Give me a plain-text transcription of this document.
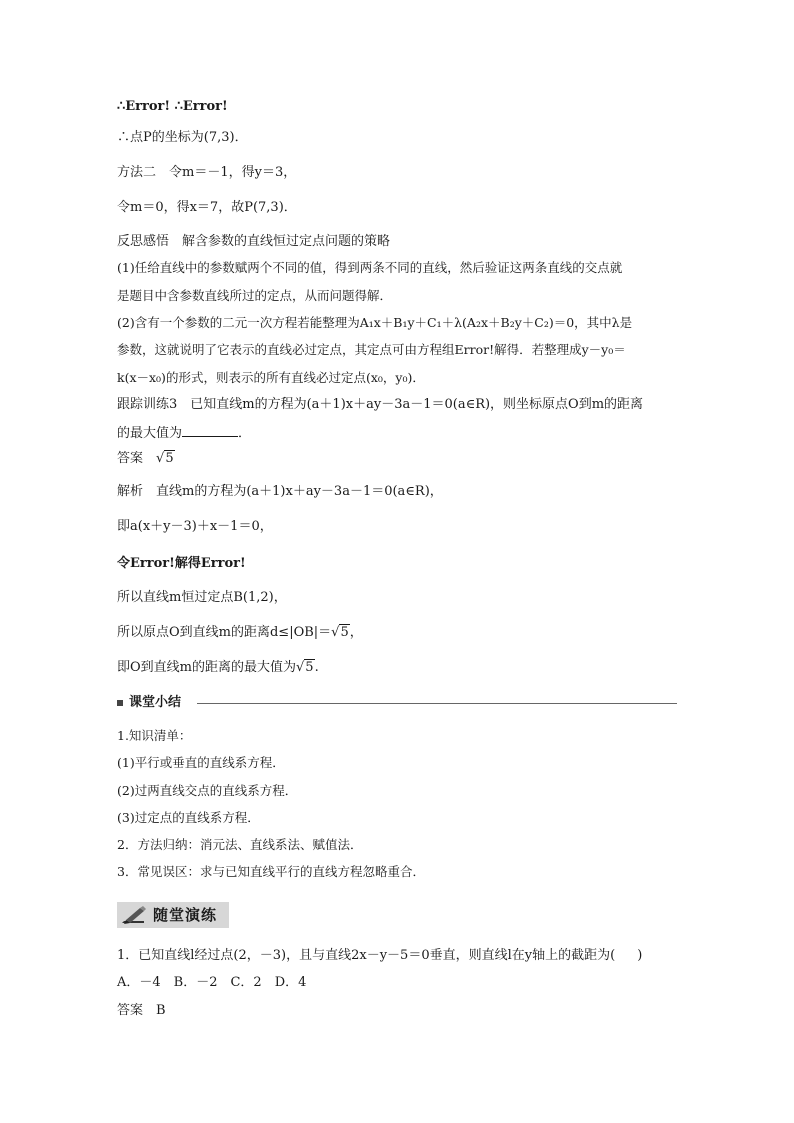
∴Error! ∴Error!
∴点P的坐标为(7,3)．
方法二　令m＝－1，得y＝3，
令m＝0，得x＝7，故P(7,3)．
反思感悟　解含参数的直线恒过定点问题的策略
(1)任给直线中的参数赋两个不同的值，得到两条不同的直线，然后验证这两条直线的交点就
是题目中含参数直线所过的定点，从而问题得解．
(2)含有一个参数的二元一次方程若能整理为A₁x＋B₁y＋C₁＋λ(A₂x＋B₂y＋C₂)＝0，其中λ是
参数，这就说明了它表示的直线必过定点，其定点可由方程组Error!解得．若整理成y－y₀＝
k(x－x₀)的形式，则表示的所有直线必过定点(x₀，y₀)．
跟踪训练3　已知直线m的方程为(a＋1)x＋ay－3a－1＝0(a∈R)，则坐标原点O到m的距离
的最大值为	．
答案　√5
解析　直线m的方程为(a＋1)x＋ay－3a－1＝0(a∈R)，
即a(x＋y－3)＋x－1＝0，
令Error!解得Error!
所以直线m恒过定点B(1,2)，
所以原点O到直线m的距离d≤|OB|＝√5，
即O到直线m的距离的最大值为√5.
课堂小结
1.知识清单：
(1)平行或垂直的直线系方程．
(2)过两直线交点的直线系方程．
(3)过定点的直线系方程．
2．方法归纳：消元法、直线系法、赋值法．
3．常见误区：求与已知直线平行的直线方程忽略重合．
随堂演练
1．已知直线l经过点(2，－3)，且与直线2x－y－5＝0垂直，则直线l在y轴上的截距为( )
A．－4　B．－2　C．2　D．4
答案　B
